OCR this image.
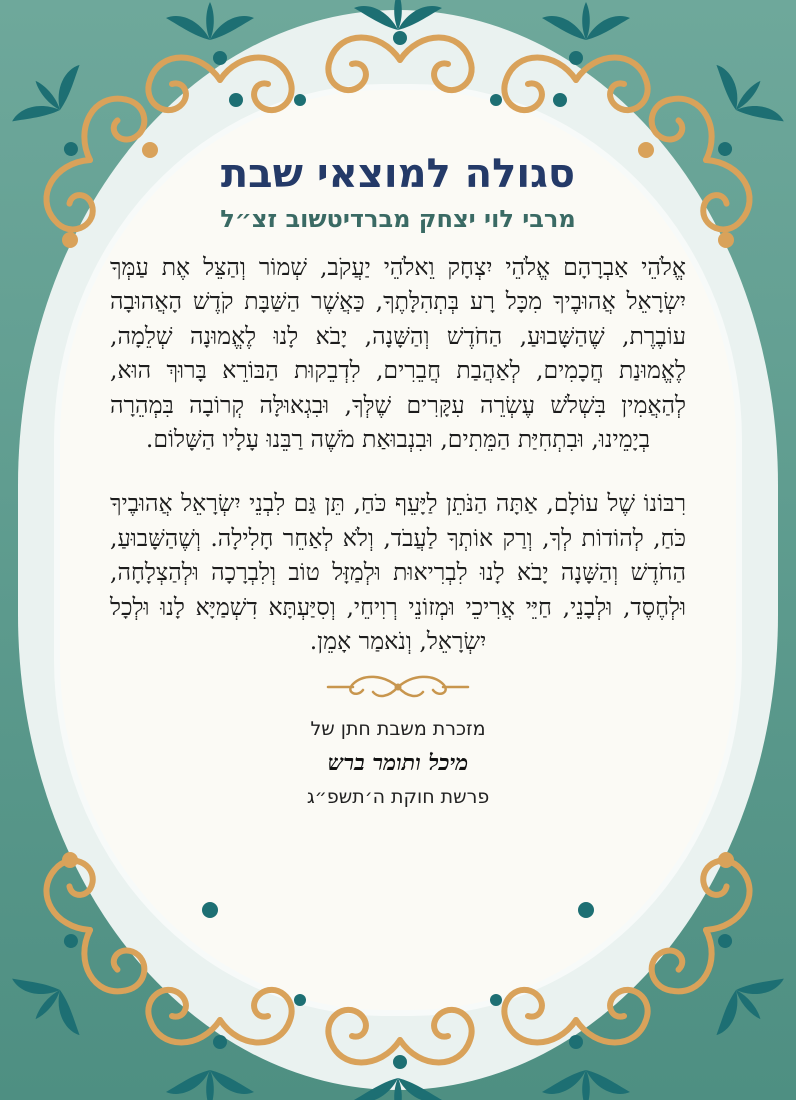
סגולה למוצאי שבת
מרבי לוי יצחק מברדיטשוב זצ״ל

אֱלֹהֵי אַבְרָהָם אֱלֹהֵי יִצְחָק וֵאלֹהֵי יַעֲקֹב, שְׁמוֹר וְהַצֵּל אֶת עַמְּךָ יִשְׂרָאֵל אֲהוּבֶיךָ מִכָּל רָע בְּתְהִלָּתֶךָ, כַּאֲשֶׁר הַשַּׁבָּת קֹדֶשׁ הָאֲהוּבָה עוֹבֶרֶת, שֶׁהַשָּׁבוּעַ, הַחֹדֶשׁ וְהַשָּׁנָה, יָבֹא לָנוּ לֶאֱמוּנָה שְׁלֵמָה, לֶאֱמוּנַת חֲכָמִים, לְאַהֲבַת חֲבֵרִים, לִדְבֵקוּת הַבּוֹרֵא בָּרוּךְ הוּא, לְהַאֲמִין בִּשְׁלֹשׁ עֶשְׂרֵה עִקָּרִים שֶׁלְּךָ, וּבִגְאוּלָּה קְרוֹבָה בִּמְהֵרָה בְיָמֵינוּ, וּבִתְחִיַּת הַמֵּתִים, וּבִנְבוּאַת מֹשֶׁה רַבֵּנוּ עָלָיו הַשָּׁלוֹם.

רִבּוֹנוֹ שֶׁל עוֹלָם, אַתָּה הַנֹּתֵן לַיָּעֵף כֹּחַ, תֵּן גַּם לִבְנֵי יִשְׂרָאֵל אֲהוּבֶיךָ כֹּחַ, לְהוֹדוֹת לְךָ, וְרַק אוֹתְךָ לַעֲבֹד, וְלֹא לְאַחֵר חָלִילָה. וְשֶׁהַשָּׁבוּעַ, הַחֹדֶשׁ וְהַשָּׁנָה יָבֹא לָנוּ לִבְרִיאוּת וּלְמַזָּל טוֹב וְלִבְרָכָה וּלְהַצְלָחָה, וּלְחֶסֶד, וּלְבָנֵי, חַיֵּי אֲרִיכֵי וּמְזוֹנֵי רְוִיחֵי, וְסִיַּעְתָּא דִשְׁמַיָּא לָנוּ וּלְכָל יִשְׂרָאֵל, וְנֹאמַר אָמֵן.

מזכרת משבת חתן של
מיכל ותומר ברש
פרשת חוקת ה׳תשפ״ג
